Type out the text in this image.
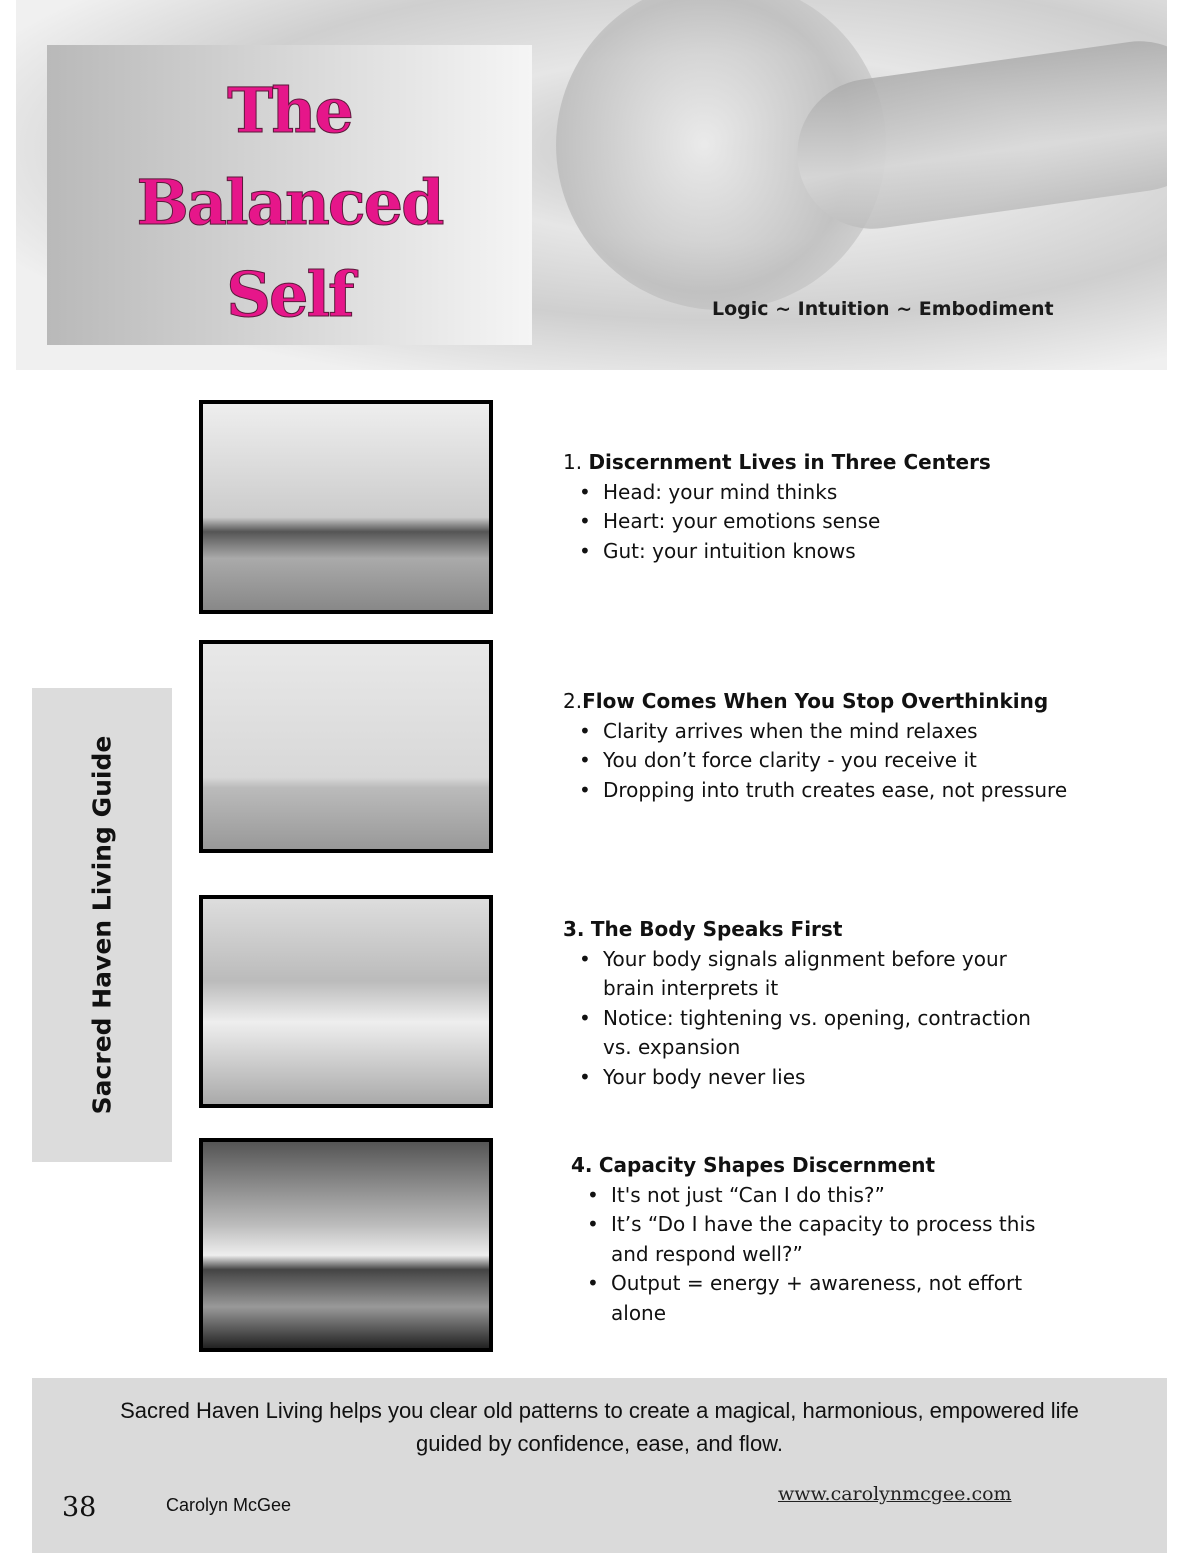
The
Balanced
Self	Logic ~ Intuition ~ Embodiment
Sacred Haven Living Guide
1. Discernment Lives in Three Centers
• Head: your mind thinks
• Heart: your emotions sense
• Gut: your intuition knows
2.Flow Comes When You Stop Overthinking
• Clarity arrives when the mind relaxes
• You don’t force clarity - you receive it
• Dropping into truth creates ease, not pressure
3. The Body Speaks First
• Your body signals alignment before your brain interprets it
• Notice: tightening vs. opening, contraction vs. expansion
• Your body never lies
4. Capacity Shapes Discernment
• It's not just “Can I do this?”
• It’s “Do I have the capacity to process this and respond well?”
• Output = energy + awareness, not effort alone
Sacred Haven Living helps you clear old patterns to create a magical, harmonious, empowered life guided by confidence, ease, and flow.
38	Carolyn McGee	www.carolynmcgee.com
